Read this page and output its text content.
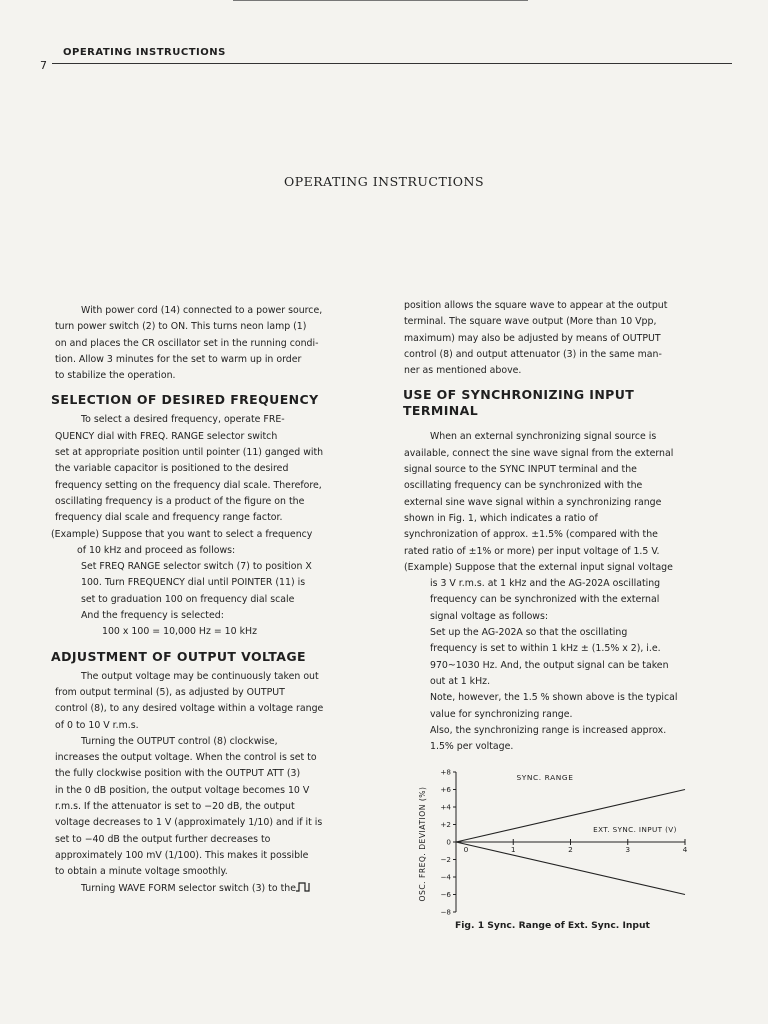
OPERATING INSTRUCTIONS
7
OPERATING INSTRUCTIONS

With power cord (14) connected to a power source,
turn power switch (2) to ON. This turns neon lamp (1)
on and places the CR oscillator set in the running condi-
tion. Allow 3 minutes for the set to warm up in order
to stabilize the operation.

SELECTION OF DESIRED FREQUENCY

To select a desired frequency, operate FRE-
QUENCY dial with FREQ. RANGE selector switch
set at appropriate position until pointer (11) ganged with
the variable capacitor is positioned to the desired
frequency setting on the frequency dial scale. Therefore,
oscillating frequency is a product of the figure on the
frequency dial scale and frequency range factor.

(Example) Suppose that you want to select a frequency
of 10 kHz and proceed as follows:

Set FREQ RANGE selector switch (7) to position X
100. Turn FREQUENCY dial until POINTER (11) is
set to graduation 100 on frequency dial scale
And the frequency is selected:

100 x 100 = 10,000 Hz = 10 kHz

ADJUSTMENT OF OUTPUT VOLTAGE

The output voltage may be continuously taken out
from output terminal (5), as adjusted by OUTPUT
control (8), to any desired voltage within a voltage range
of 0 to 10 V r.m.s.

Turning the OUTPUT control (8) clockwise,
increases the output voltage. When the control is set to
the fully clockwise position with the OUTPUT ATT (3)
in the 0 dB position, the output voltage becomes 10 V
r.m.s. If the attenuator is set to −20 dB, the output
voltage decreases to 1 V (approximately 1/10) and if it is
set to −40 dB the output further decreases to
approximately 100 mV (1/100). This makes it possible
to obtain a minute voltage smoothly.

Turning WAVE FORM selector switch (3) to the

position allows the square wave to appear at the output
terminal. The square wave output (More than 10 Vpp,
maximum) may also be adjusted by means of OUTPUT
control (8) and output attenuator (3) in the same man-
ner as mentioned above.

USE OF SYNCHRONIZING INPUT
TERMINAL

When an external synchronizing signal source is
available, connect the sine wave signal from the external
signal source to the SYNC INPUT terminal and the
oscillating frequency can be synchronized with the
external sine wave signal within a synchronizing range
shown in Fig. 1, which indicates a ratio of
synchronization of approx. ±1.5% (compared with the
rated ratio of ±1% or more) per input voltage of 1.5 V.

(Example) Suppose that the external input signal voltage
is 3 V r.m.s. at 1 kHz and the AG-202A oscillating
frequency can be synchronized with the external
signal voltage as follows:

Set up the AG-202A so that the oscillating
frequency is set to within 1 kHz ± (1.5% x 2), i.e.
970~1030 Hz. And, the output signal can be taken
out at 1 kHz.

Note, however, the 1.5 % shown above is the typical
value for synchronizing range.

Also, the synchronizing range is increased approx.
1.5% per voltage.

OSC. FREQ. DEVIATION (%)
SYNC. RANGE
EXT. SYNC. INPUT (V)
+8
+6
+4
+2
0
−2
−4
−6
−8
0	1	2	3	4
Fig. 1 Sync. Range of Ext. Sync. Input
